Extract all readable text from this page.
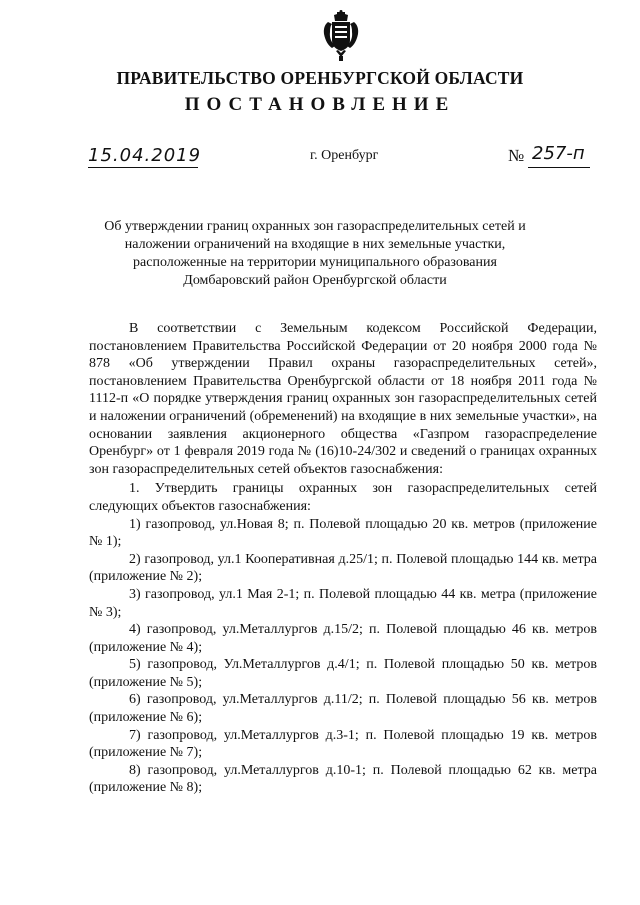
ПРАВИТЕЛЬСТВО ОРЕНБУРГСКОЙ ОБЛАСТИ
ПОСТАНОВЛЕНИЕ
15.04.2019	г. Оренбург	№ 257-п
Об утверждении границ охранных зон газораспределительных сетей и наложении ограничений на входящие в них земельные участки, расположенные на территории муниципального образования Домбаровский район Оренбургской области

В соответствии с Земельным кодексом Российской Федерации, постановлением Правительства Российской Федерации от 20 ноября 2000 года № 878 «Об утверждении Правил охраны газораспределительных сетей», постановлением Правительства Оренбургской области от 18 ноября 2011 года № 1112-п «О порядке утверждения границ охранных зон газораспределительных сетей и наложении ограничений (обременений) на входящие в них земельные участки», на основании заявления акционерного общества «Газпром газораспределение Оренбург» от 1 февраля 2019 года № (16)10-24/302 и сведений о границах охранных зон газораспределительных сетей объектов газоснабжения:

1. Утвердить границы охранных зон газораспределительных сетей следующих объектов газоснабжения:

1) газопровод, ул.Новая 8; п. Полевой площадью 20 кв. метров (приложение № 1);

2) газопровод, ул.1 Кооперативная д.25/1; п. Полевой площадью 144 кв. метра (приложение № 2);

3) газопровод, ул.1 Мая 2-1; п. Полевой площадью 44 кв. метра (приложение № 3);

4) газопровод, ул.Металлургов д.15/2; п. Полевой площадью 46 кв. метров (приложение № 4);

5) газопровод, Ул.Металлургов д.4/1; п. Полевой площадью 50 кв. метров (приложение № 5);

6) газопровод, ул.Металлургов д.11/2; п. Полевой площадью 56 кв. метров (приложение № 6);

7) газопровод, ул.Металлургов д.3-1; п. Полевой площадью 19 кв. метров (приложение № 7);

8) газопровод, ул.Металлургов д.10-1; п. Полевой площадью 62 кв. метра (приложение № 8);
